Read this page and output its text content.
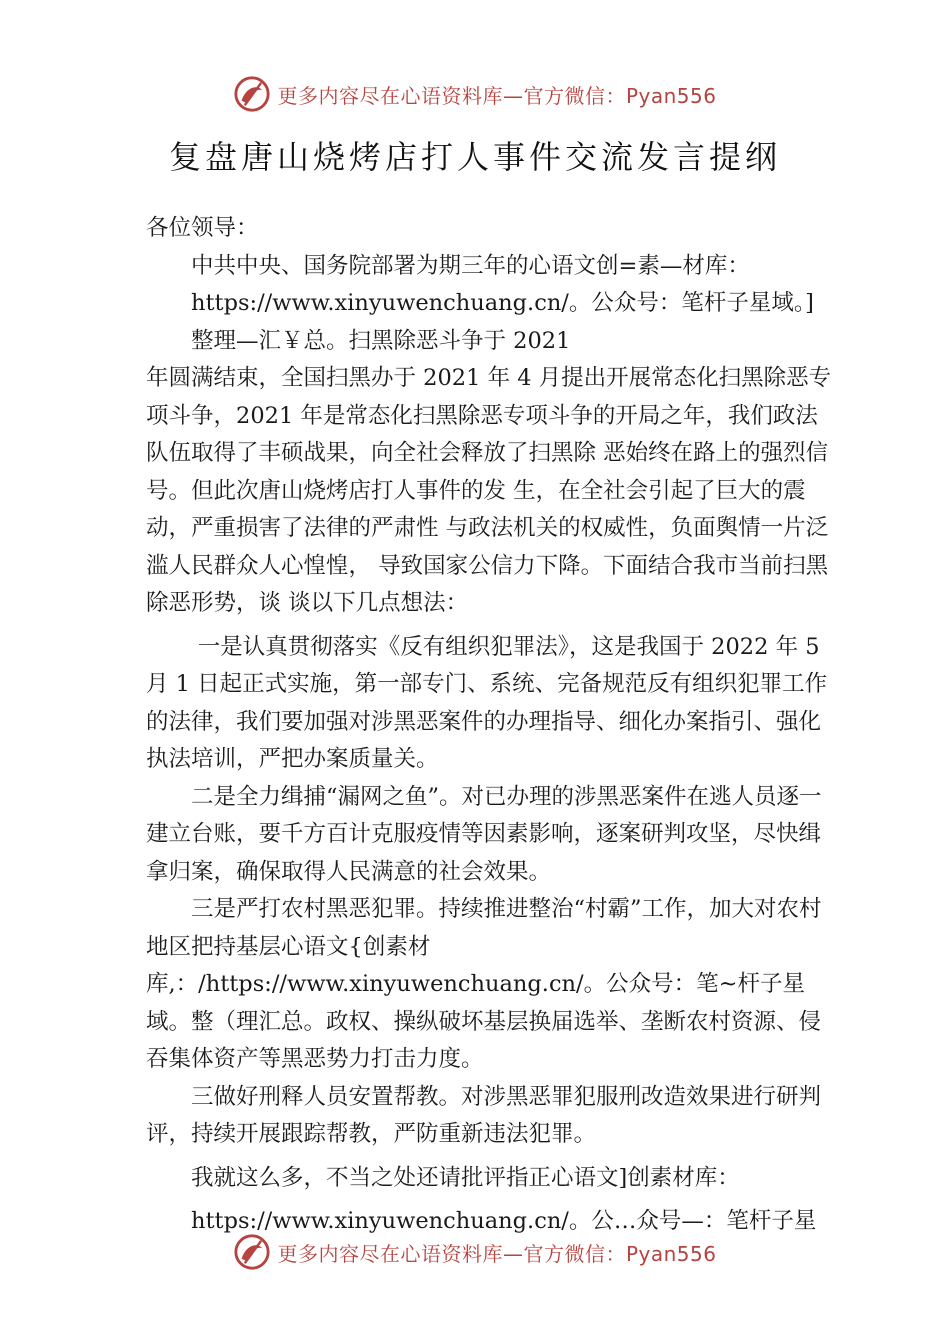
更多内容尽在心语资料库—官方微信：Pyan556
复盘唐山烧烤店打人事件交流发言提纲

各位领导：

中共中央、国务院部署为期三年的心语文创=素—材库：

https://www.xinyuwenchuang.cn/。公众号：笔杆子星域。]

整理—汇￥总。扫黑除恶斗争于 2021

年圆满结束，全国扫黑办于 2021 年 4 月提出开展常态化扫黑除恶专项斗争，2021 年是常态化扫黑除恶专项斗争的开局之年，我们政法队伍取得了丰硕战果，向全社会释放了扫黑除 恶始终在路上的强烈信号。但此次唐山烧烤店打人事件的发 生，在全社会引起了巨大的震动，严重损害了法律的严肃性 与政法机关的权威性，负面舆情一片泛滥人民群众人心惶惶， 导致国家公信力下降。下面结合我市当前扫黑除恶形势，谈 谈以下几点想法：

一是认真贯彻落实《反有组织犯罪法》，这是我国于 2022 年 5 月 1 日起正式实施，第一部专门、系统、完备规范反有组织犯罪工作的法律，我们要加强对涉黑恶案件的办理指导、细化办案指引、强化执法培训，严把办案质量关。

二是全力缉捕“漏网之鱼”。对已办理的涉黑恶案件在逃人员逐一建立台账，要千方百计克服疫情等因素影响，逐案研判攻坚，尽快缉拿归案，确保取得人民满意的社会效果。

三是严打农村黑恶犯罪。持续推进整治“村霸”工作，加大对农村地区把持基层心语文{创素材库,：/https://www.xinyuwenchuang.cn/。公众号：笔~杆子星域。整（理汇总。政权、操纵破坏基层换届选举、垄断农村资源、侵吞集体资产等黑恶势力打击力度。

三做好刑释人员安置帮教。对涉黑恶罪犯服刑改造效果进行研判评，持续开展跟踪帮教，严防重新违法犯罪。

我就这么多，不当之处还请批评指正心语文]创素材库：

https://www.xinyuwenchuang.cn/。公…众号—：笔杆子星

更多内容尽在心语资料库—官方微信：Pyan556
